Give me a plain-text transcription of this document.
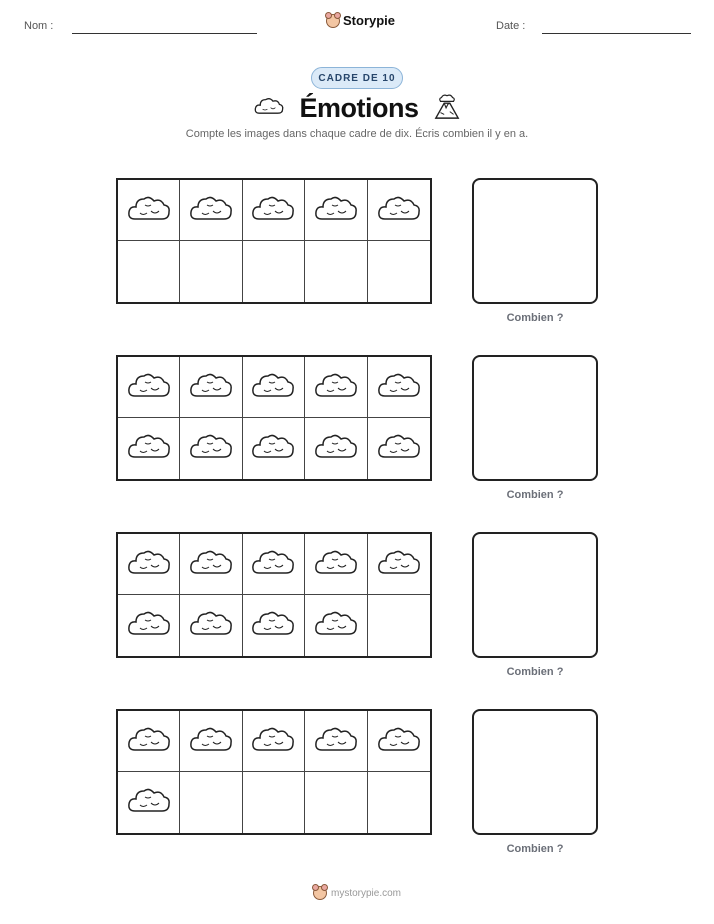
Nom :	Storypie	Date :
CADRE DE 10
Émotions
Compte les images dans chaque cadre de dix. Écris combien il y en a.
Combien ?
Combien ?
Combien ?
Combien ?
mystorypie.com
